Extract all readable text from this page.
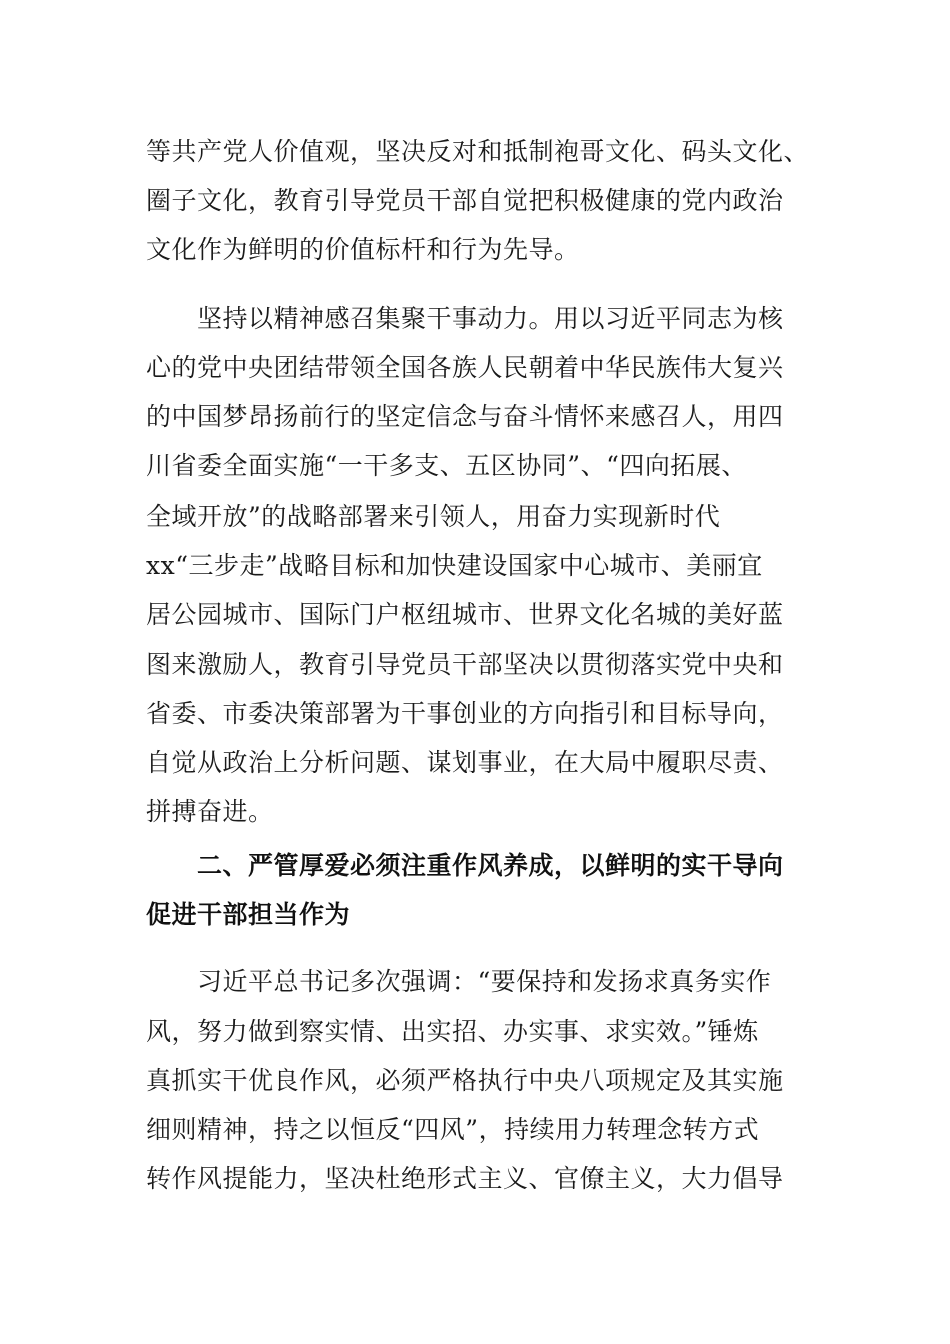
等共产党人价值观，坚决反对和抵制袍哥文化、码头文化、
圈子文化，教育引导党员干部自觉把积极健康的党内政治
文化作为鲜明的价值标杆和行为先导。
坚持以精神感召集聚干事动力。用以习近平同志为核
心的党中央团结带领全国各族人民朝着中华民族伟大复兴
的中国梦昂扬前行的坚定信念与奋斗情怀来感召人，用四
川省委全面实施“一干多支、五区协同”、“四向拓展、
全域开放”的战略部署来引领人，用奋力实现新时代
xx“三步走”战略目标和加快建设国家中心城市、美丽宜
居公园城市、国际门户枢纽城市、世界文化名城的美好蓝
图来激励人，教育引导党员干部坚决以贯彻落实党中央和
省委、市委决策部署为干事创业的方向指引和目标导向，
自觉从政治上分析问题、谋划事业，在大局中履职尽责、
拼搏奋进。
二、严管厚爱必须注重作风养成，以鲜明的实干导向
促进干部担当作为
习近平总书记多次强调：“要保持和发扬求真务实作
风，努力做到察实情、出实招、办实事、求实效。”锤炼
真抓实干优良作风，必须严格执行中央八项规定及其实施
细则精神，持之以恒反“四风”，持续用力转理念转方式
转作风提能力，坚决杜绝形式主义、官僚主义，大力倡导
